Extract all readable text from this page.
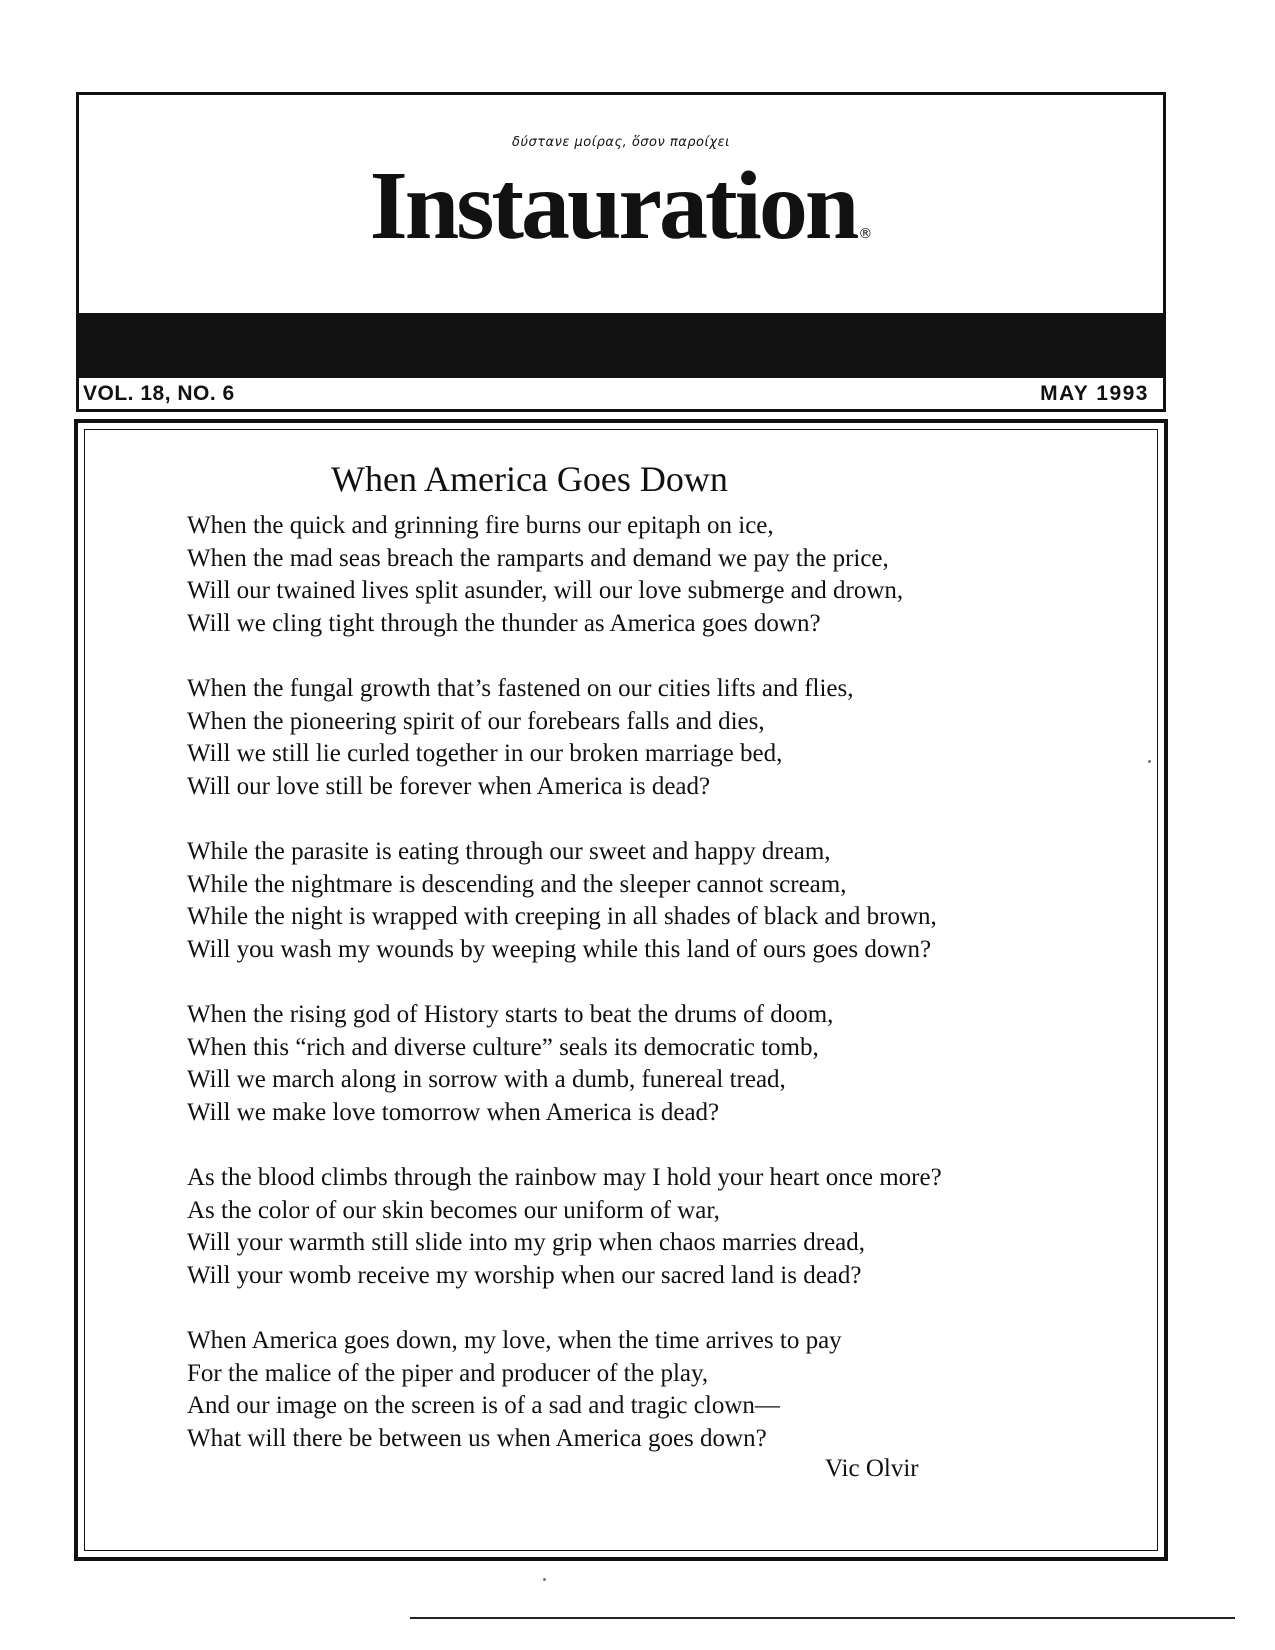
δύστανε μοίρας, ὅσον παροίχει
Instauration ®
VOL. 18, NO. 6	MAY 1993
When America Goes Down
When the quick and grinning fire burns our epitaph on ice,
When the mad seas breach the ramparts and demand we pay the price,
Will our twained lives split asunder, will our love submerge and drown,
Will we cling tight through the thunder as America goes down?
When the fungal growth that’s fastened on our cities lifts and flies,
When the pioneering spirit of our forebears falls and dies,
Will we still lie curled together in our broken marriage bed,
Will our love still be forever when America is dead?
While the parasite is eating through our sweet and happy dream,
While the nightmare is descending and the sleeper cannot scream,
While the night is wrapped with creeping in all shades of black and brown,
Will you wash my wounds by weeping while this land of ours goes down?
When the rising god of History starts to beat the drums of doom,
When this “rich and diverse culture” seals its democratic tomb,
Will we march along in sorrow with a dumb, funereal tread,
Will we make love tomorrow when America is dead?
As the blood climbs through the rainbow may I hold your heart once more?
As the color of our skin becomes our uniform of war,
Will your warmth still slide into my grip when chaos marries dread,
Will your womb receive my worship when our sacred land is dead?
When America goes down, my love, when the time arrives to pay
For the malice of the piper and producer of the play,
And our image on the screen is of a sad and tragic clown—
What will there be between us when America goes down?
Vic Olvir
